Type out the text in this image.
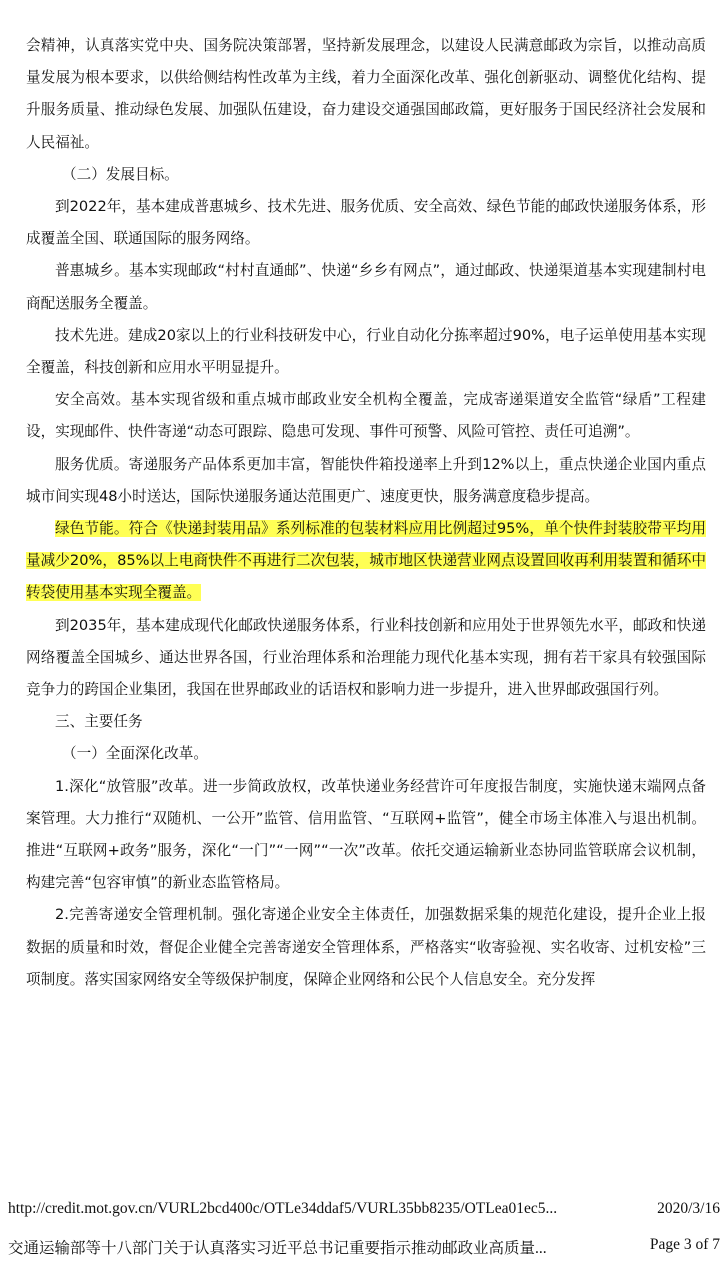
会精神，认真落实党中央、国务院决策部署，坚持新发展理念，以建设人民满意邮政为宗旨，以推动高质量发展为根本要求，以供给侧结构性改革为主线，着力全面深化改革、强化创新驱动、调整优化结构、提升服务质量、推动绿色发展、加强队伍建设，奋力建设交通强国邮政篇，更好服务于国民经济社会发展和人民福祉。

（二）发展目标。

到2022年，基本建成普惠城乡、技术先进、服务优质、安全高效、绿色节能的邮政快递服务体系，形成覆盖全国、联通国际的服务网络。

普惠城乡。基本实现邮政“村村直通邮”、快递“乡乡有网点”，通过邮政、快递渠道基本实现建制村电商配送服务全覆盖。

技术先进。建成20家以上的行业科技研发中心，行业自动化分拣率超过90%，电子运单使用基本实现全覆盖，科技创新和应用水平明显提升。

安全高效。基本实现省级和重点城市邮政业安全机构全覆盖，完成寄递渠道安全监管“绿盾”工程建设，实现邮件、快件寄递“动态可跟踪、隐患可发现、事件可预警、风险可管控、责任可追溯”。

服务优质。寄递服务产品体系更加丰富，智能快件箱投递率上升到12%以上，重点快递企业国内重点城市间实现48小时送达，国际快递服务通达范围更广、速度更快，服务满意度稳步提高。

绿色节能。符合《快递封装用品》系列标准的包装材料应用比例超过95%，单个快件封装胶带平均用量减少20%，85%以上电商快件不再进行二次包装，城市地区快递营业网点设置回收再利用装置和循环中转袋使用基本实现全覆盖。

到2035年，基本建成现代化邮政快递服务体系，行业科技创新和应用处于世界领先水平，邮政和快递网络覆盖全国城乡、通达世界各国，行业治理体系和治理能力现代化基本实现，拥有若干家具有较强国际竞争力的跨国企业集团，我国在世界邮政业的话语权和影响力进一步提升，进入世界邮政强国行列。

三、主要任务

（一）全面深化改革。

1.深化“放管服”改革。进一步简政放权，改革快递业务经营许可年度报告制度，实施快递末端网点备案管理。大力推行“双随机、一公开”监管、信用监管、“互联网+监管”，健全市场主体准入与退出机制。推进“互联网+政务”服务，深化“一门”“一网”“一次”改革。依托交通运输新业态协同监管联席会议机制，构建完善“包容审慎”的新业态监管格局。

2.完善寄递安全管理机制。强化寄递企业安全主体责任，加强数据采集的规范化建设，提升企业上报数据的质量和时效，督促企业健全完善寄递安全管理体系，严格落实“收寄验视、实名收寄、过机安检”三项制度。落实国家网络安全等级保护制度，保障企业网络和公民个人信息安全。充分发挥

http://credit.mot.gov.cn/VURL2bcd400c/OTLe34ddaf5/VURL35bb8235/OTLea01ec5...	2020/3/16
交通运输部等十八部门关于认真落实习近平总书记重要指示推动邮政业高质量...	Page 3 of 7
